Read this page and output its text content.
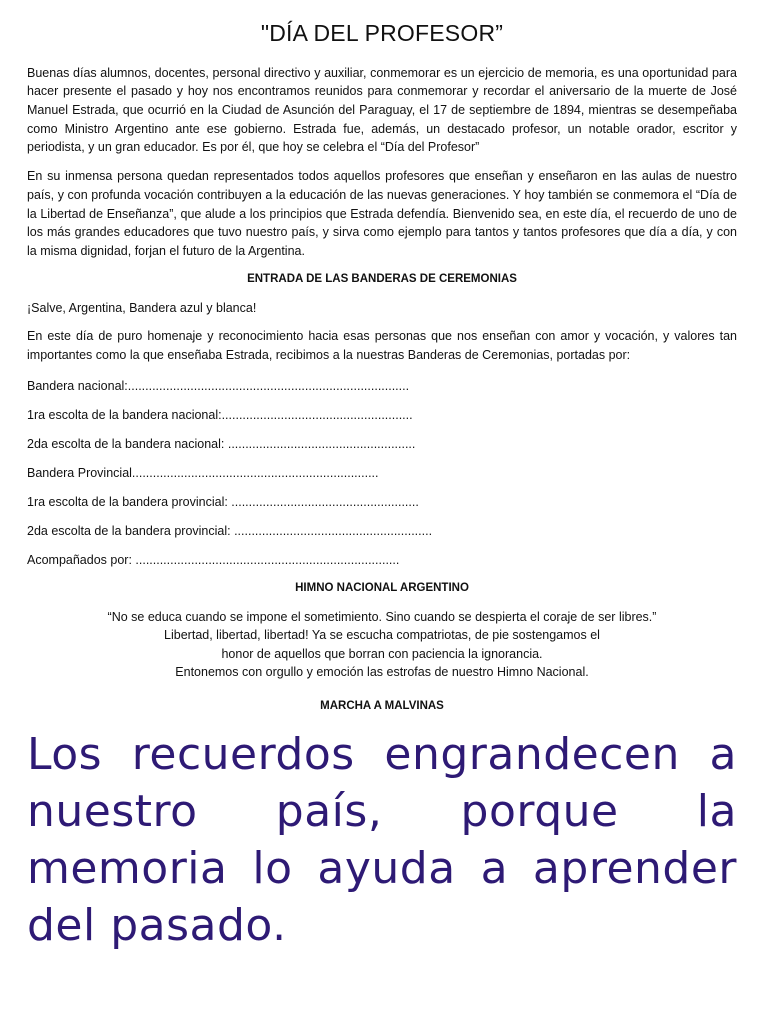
"DÍA DEL PROFESOR”

Buenas días alumnos, docentes, personal directivo y auxiliar, conmemorar es un ejercicio de memoria, es una oportunidad para hacer presente el pasado y hoy nos encontramos reunidos para conmemorar y recordar el aniversario de la muerte de José Manuel Estrada, que ocurrió en la Ciudad de Asunción del Paraguay, el 17 de septiembre de 1894, mientras se desempeñaba como Ministro Argentino ante ese gobierno. Estrada fue, además, un destacado profesor, un notable orador, escritor y periodista, y un gran educador. Es por él, que hoy se celebra el “Día del Profesor”

En su inmensa persona quedan representados todos aquellos profesores que enseñan y enseñaron en las aulas de nuestro país, y con profunda vocación contribuyen a la educación de las nuevas generaciones. Y hoy también se conmemora el “Día de la Libertad de Enseñanza”, que alude a los principios que Estrada defendía. Bienvenido sea, en este día, el recuerdo de uno de los más grandes educadores que tuvo nuestro país, y sirva como ejemplo para tantos y tantos profesores que día a día, y con la misma dignidad, forjan el futuro de la Argentina.

ENTRADA DE LAS BANDERAS DE CEREMONIAS

¡Salve, Argentina, Bandera azul y blanca!

En este día de puro homenaje y reconocimiento hacia esas personas que nos enseñan con amor y vocación, y valores tan importantes como la que enseñaba Estrada, recibimos a la nuestras Banderas de Ceremonias, portadas por:

Bandera nacional:.................................................................................
1ra escolta de la bandera nacional:.......................................................
2da escolta de la bandera nacional: ......................................................
Bandera Provincial.......................................................................
1ra escolta de la bandera provincial: ......................................................
2da escolta de la bandera provincial: .........................................................
Acompañados por: ............................................................................
HIMNO NACIONAL ARGENTINO
“No se educa cuando se impone el sometimiento. Sino cuando se despierta el coraje de ser libres.”
Libertad, libertad, libertad! Ya se escucha compatriotas, de pie sostengamos el
honor de aquellos que borran con paciencia la ignorancia.
Entonemos con orgullo y emoción las estrofas de nuestro Himno Nacional.
MARCHA A MALVINAS
Los recuerdos engrandecen a nuestro país, porque la memoria lo ayuda a aprender del pasado.
